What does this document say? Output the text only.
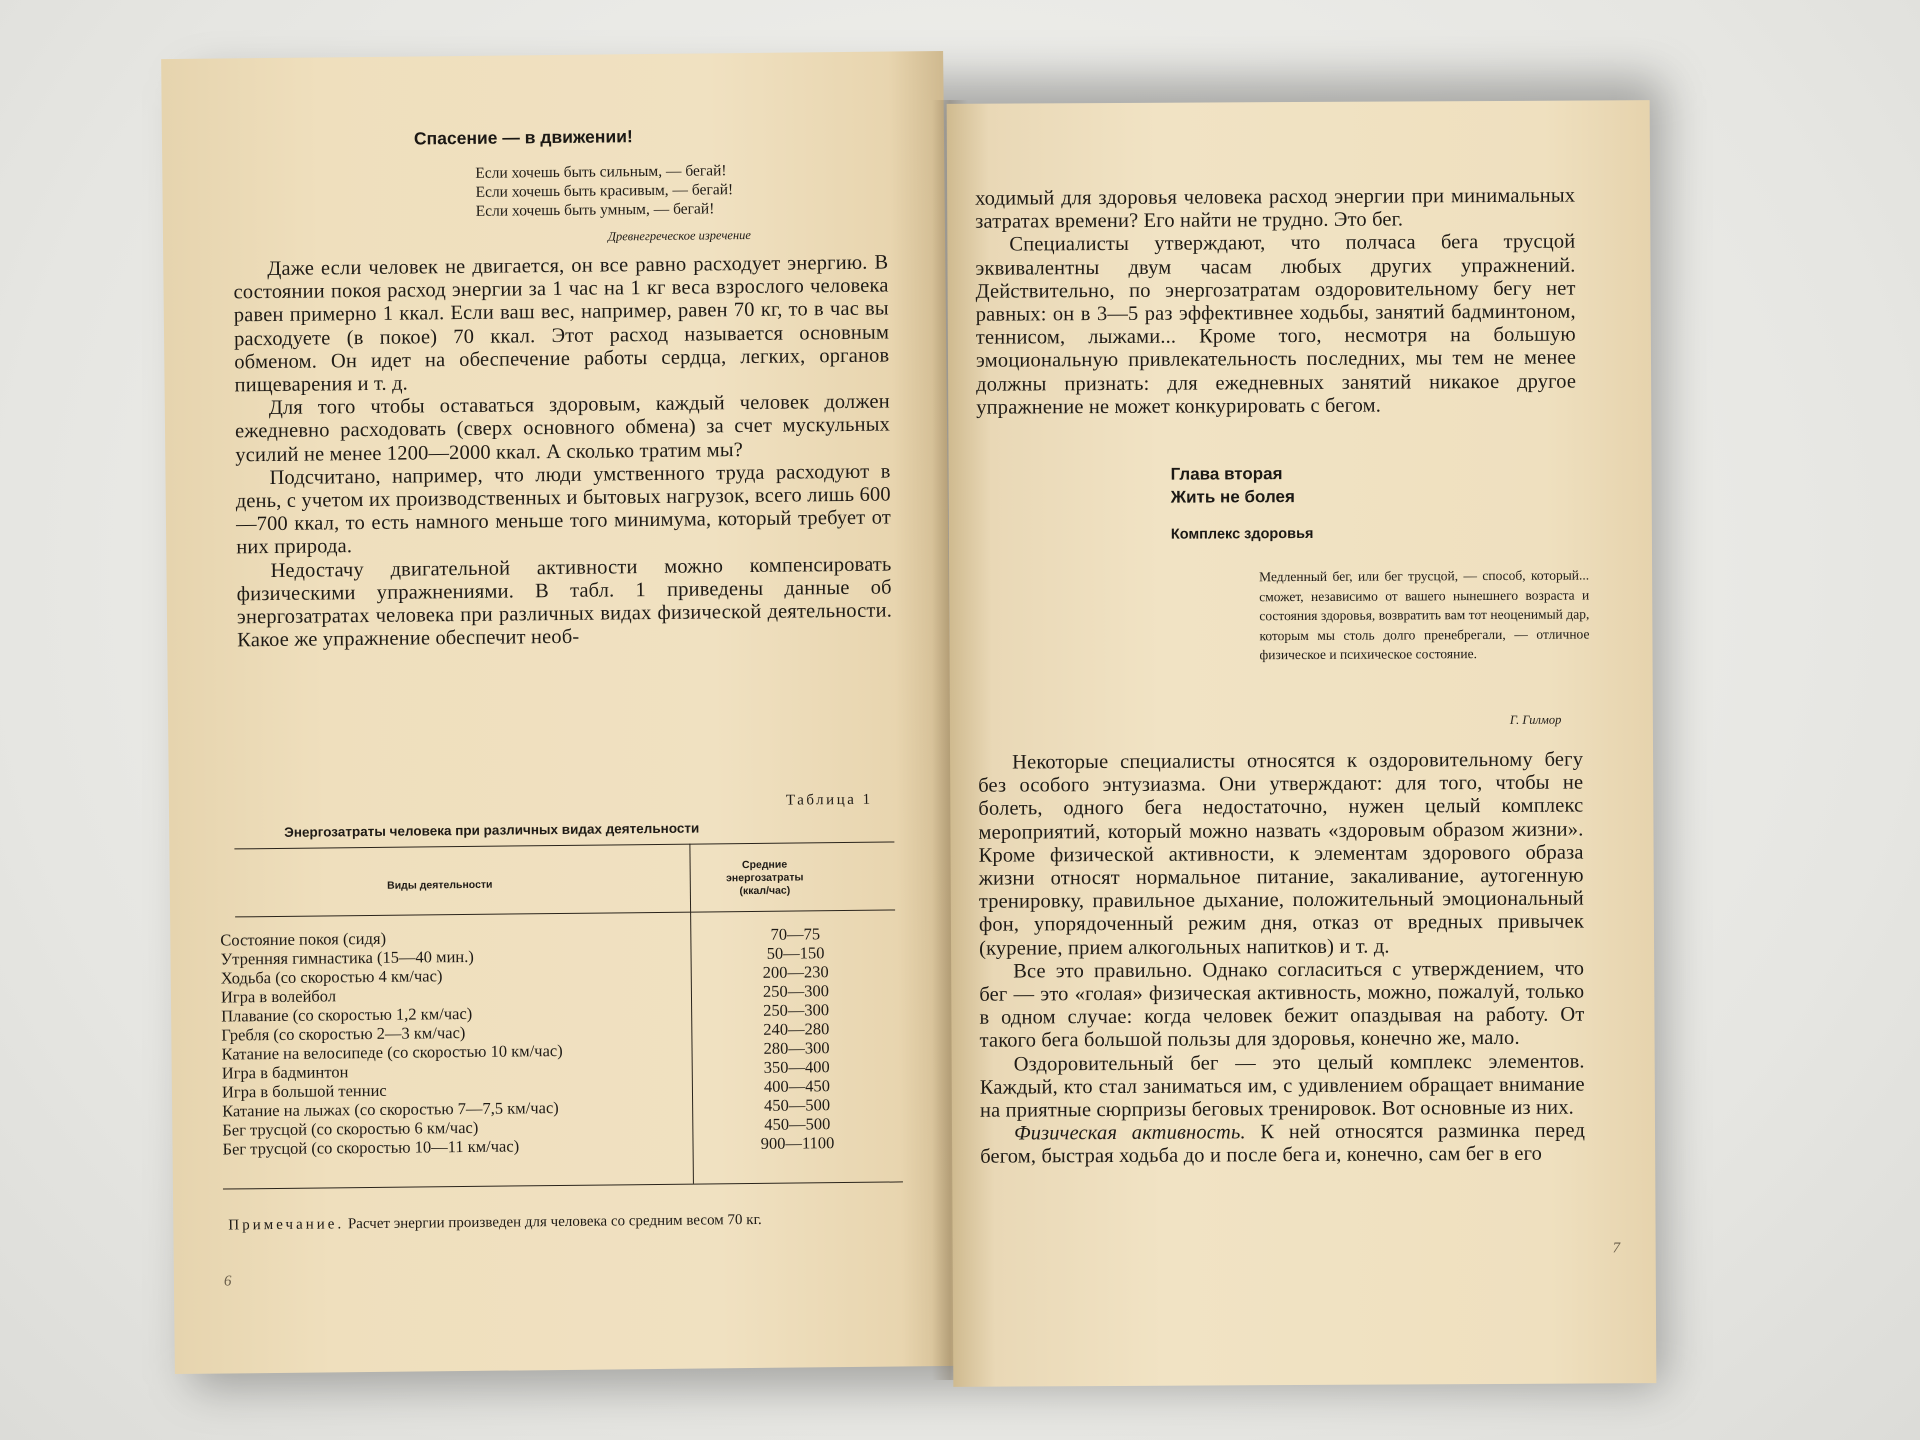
Спасение — в движении!
Если хочешь быть сильным, — бегай!
Если хочешь быть красивым, — бегай!
Если хочешь быть умным, — бегай!
Древнегреческое изречение

Даже если человек не двигается, он все равно расходует энергию. В состоянии покоя расход энергии за 1 час на 1 кг веса взрослого человека равен примерно 1 ккал. Если ваш вес, например, равен 70 кг, то в час вы расходуете (в покое) 70 ккал. Этот расход называется основным обменом. Он идет на обеспечение работы сердца, легких, органов пищеварения и т. д.

Для того чтобы оставаться здоровым, каждый человек должен ежедневно расходовать (сверх основного обмена) за счет мускульных усилий не менее 1200—2000 ккал. А сколько тратим мы?

Подсчитано, например, что люди умственного труда расходуют в день, с учетом их производственных и бытовых нагрузок, всего лишь 600—700 ккал, то есть намного меньше того минимума, который требует от них природа.

Недостачу двигательной активности можно компенсировать физическими упражнениями. В табл. 1 приведены данные об энергозатратах человека при различных видах физической деятельности. Какое же упражнение обеспечит необ-

Таблица 1
Энергозатраты человека при различных видах деятельности
Виды деятельности
Средние
энергозатраты
(ккал/час)
Состояние покоя (сидя)	70—75
Утренняя гимнастика (15—40 мин.)	50—150
Ходьба (со скоростью 4 км/час)	200—230
Игра в волейбол	250—300
Плавание (со скоростью 1,2 км/час)	250—300
Гребля (со скоростью 2—3 км/час)	240—280
Катание на велосипеде (со скоростью 10 км/час)	280—300
Игра в бадминтон	350—400
Игра в большой теннис	400—450
Катание на лыжах (со скоростью 7—7,5 км/час)	450—500
Бег трусцой (со скоростью 6 км/час)	450—500
Бег трусцой (со скоростью 10—11 км/час)	900—1100
Примечание. Расчет энергии произведен для человека со средним весом 70 кг.
6

ходимый для здоровья человека расход энергии при минимальных затратах времени? Его найти не трудно. Это бег.

Специалисты утверждают, что полчаса бега трусцой эквивалентны двум часам любых других упражнений. Действительно, по энергозатратам оздоровительному бегу нет равных: он в 3—5 раз эффективнее ходьбы, занятий бадминтоном, теннисом, лыжами... Кроме того, несмотря на большую эмоциональную привлекательность последних, мы тем не менее должны признать: для ежедневных занятий никакое другое упражнение не может конкурировать с бегом.

Глава вторая
Жить не болея
Комплекс здоровья
Медленный бег, или бег трусцой, — способ, который... сможет, независимо от вашего нынешнего возраста и состояния здоровья, возвратить вам тот неоценимый дар, которым мы столь долго пренебрегали, — отличное физическое и психическое состояние.
Г. Гилмор

Некоторые специалисты относятся к оздоровительному бегу без особого энтузиазма. Они утверждают: для того, чтобы не болеть, одного бега недостаточно, нужен целый комплекс мероприятий, который можно назвать «здоровым образом жизни». Кроме физической активности, к элементам здорового образа жизни относят нормальное питание, закаливание, аутогенную тренировку, правильное дыхание, положительный эмоциональный фон, упорядоченный режим дня, отказ от вредных привычек (курение, прием алкогольных напитков) и т. д.

Все это правильно. Однако согласиться с утверждением, что бег — это «голая» физическая активность, можно, пожалуй, только в одном случае: когда человек бежит опаздывая на работу. От такого бега большой пользы для здоровья, конечно же, мало.

Оздоровительный бег — это целый комплекс элементов. Каждый, кто стал заниматься им, с удивлением обращает внимание на приятные сюрпризы беговых тренировок. Вот основные из них.

Физическая активность. К ней относятся разминка перед бегом, быстрая ходьба до и после бега и, конечно, сам бег в его

7
